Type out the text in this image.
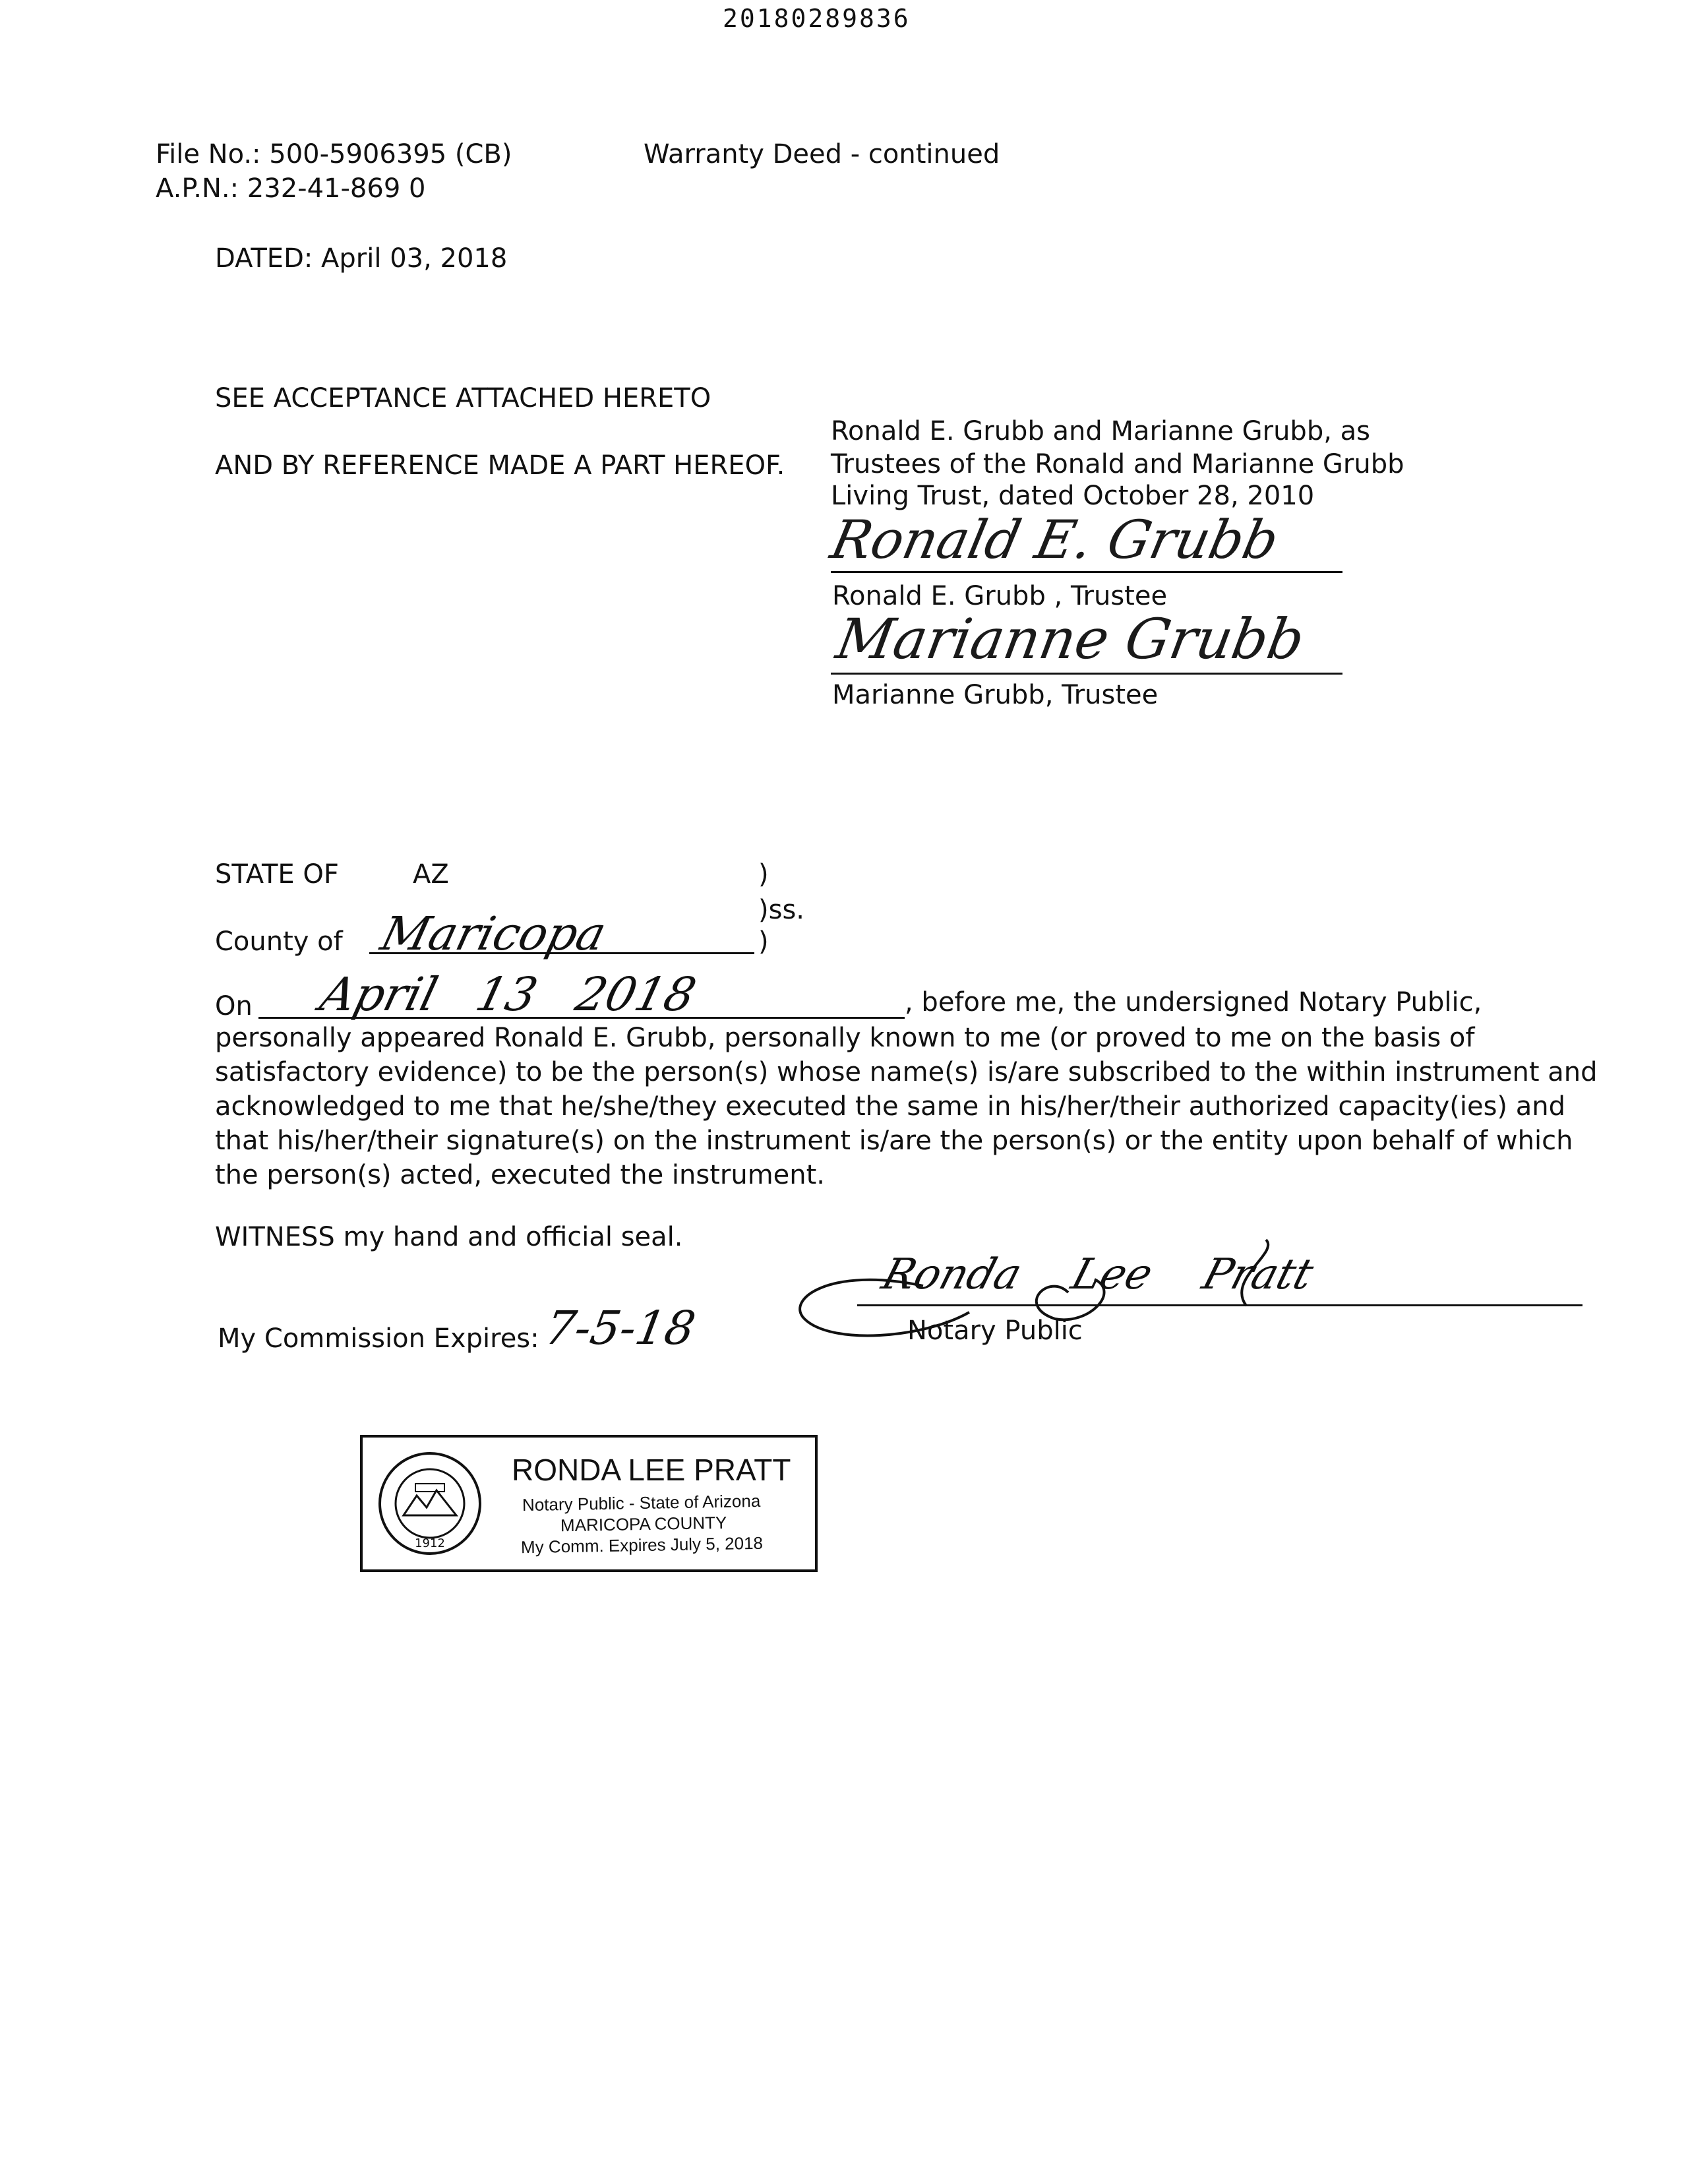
20180289836
File No.: 500-5906395 (CB)
A.P.N.: 232-41-869 0
Warranty Deed - continued
DATED: April 03, 2018
SEE ACCEPTANCE ATTACHED HERETO
AND BY REFERENCE MADE A PART HEREOF.
Ronald E. Grubb and Marianne Grubb, as
Trustees of the Ronald and Marianne Grubb
Living Trust, dated October 28, 2010
Ronald E. Grubb
Ronald E. Grubb , Trustee
Marianne Grubb
Marianne Grubb, Trustee
STATE OF	AZ	)
)ss.
County of Maricopa	)
On April 13 2018	, before me, the undersigned Notary Public,
personally appeared Ronald E. Grubb, personally known to me (or proved to me on the basis of
satisfactory evidence) to be the person(s) whose name(s) is/are subscribed to the within instrument and
acknowledged to me that he/she/they executed the same in his/her/their authorized capacity(ies) and
that his/her/their signature(s) on the instrument is/are the person(s) or the entity upon behalf of which
the person(s) acted, executed the instrument.
WITNESS my hand and official seal.
My Commission Expires: 7-5-18
Ronda Lee Pratt
Notary Public
1912
RONDA LEE PRATT
Notary Public - State of Arizona
MARICOPA COUNTY
My Comm. Expires July 5, 2018
